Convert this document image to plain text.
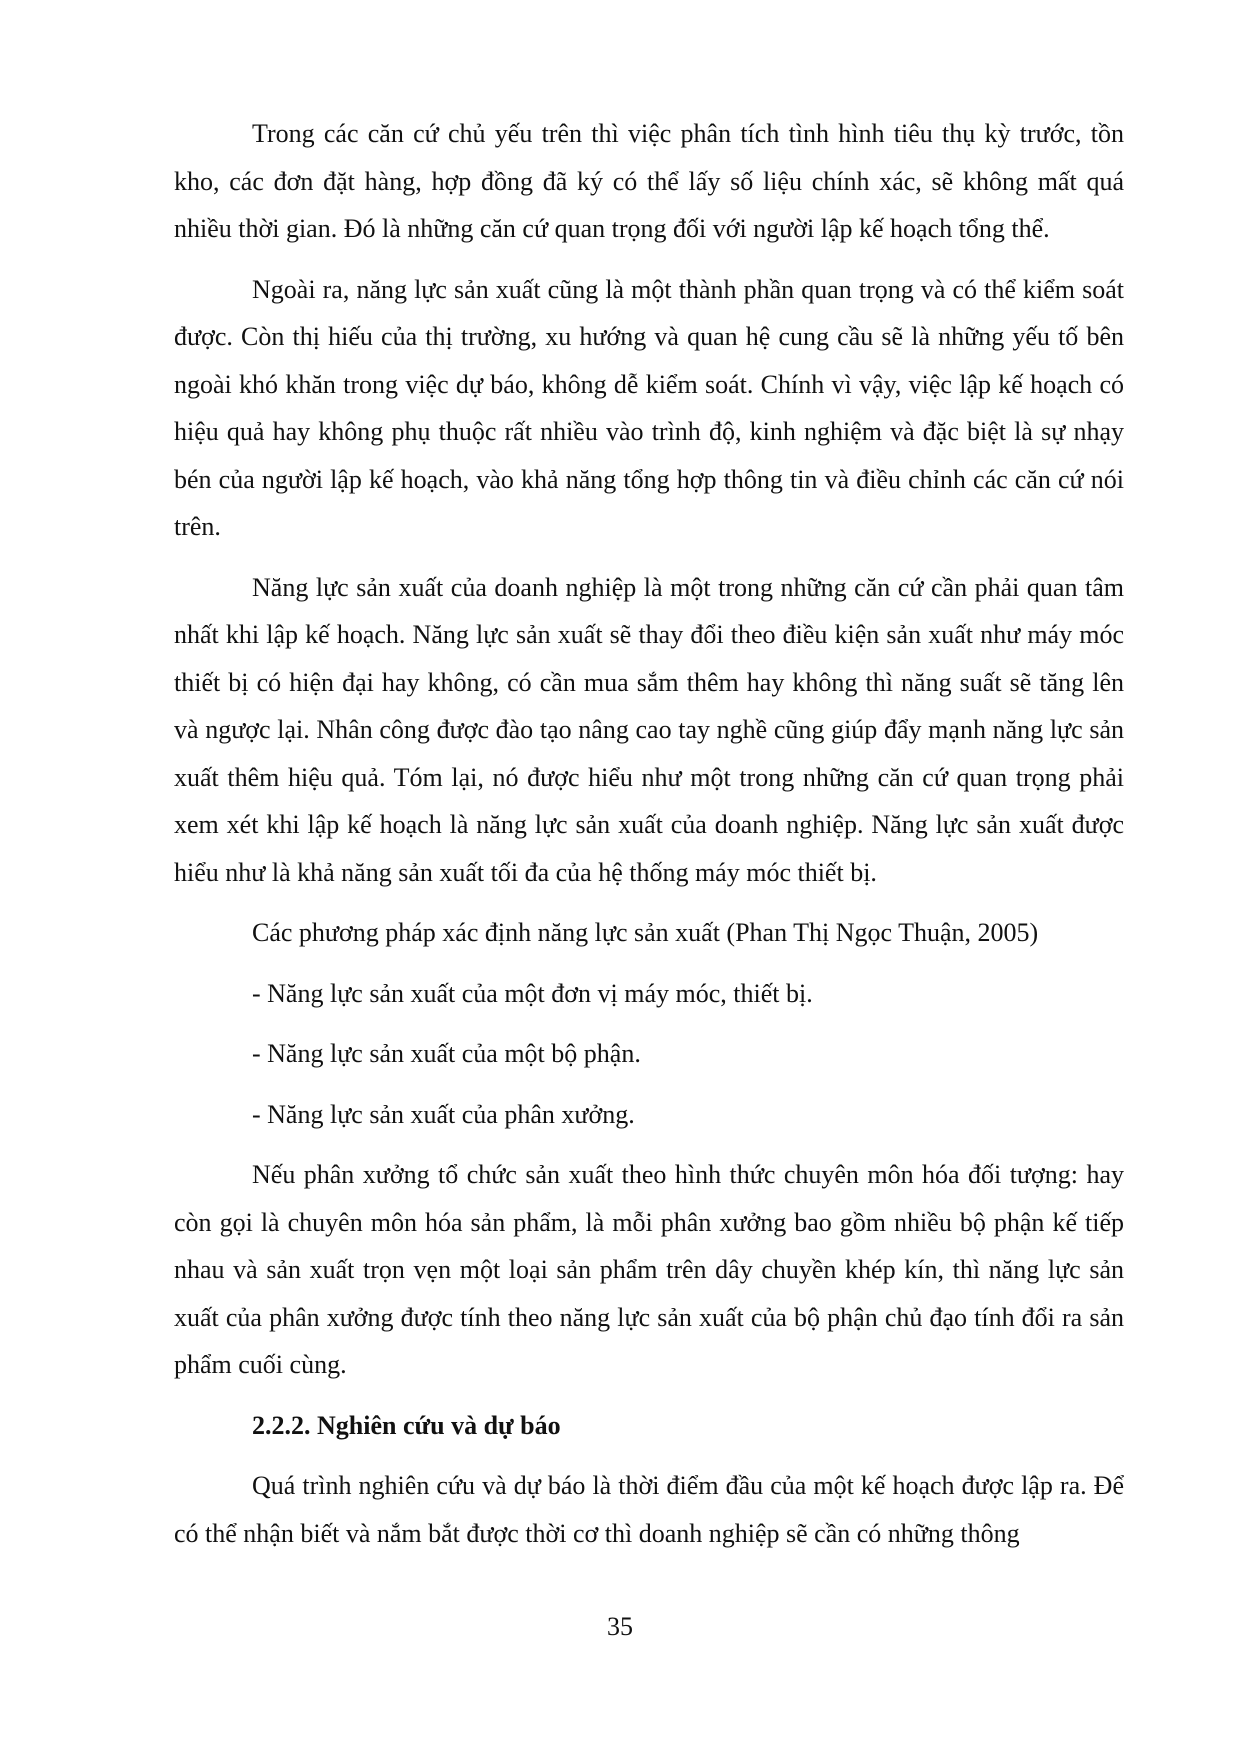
Trong các căn cứ chủ yếu trên thì việc phân tích tình hình tiêu thụ kỳ trước, tồn kho, các đơn đặt hàng, hợp đồng đã ký có thể lấy số liệu chính xác, sẽ không mất quá nhiều thời gian. Đó là những căn cứ quan trọng đối với người lập kế hoạch tổng thể.

Ngoài ra, năng lực sản xuất cũng là một thành phần quan trọng và có thể kiểm soát được. Còn thị hiếu của thị trường, xu hướng và quan hệ cung cầu sẽ là những yếu tố bên ngoài khó khăn trong việc dự báo, không dễ kiểm soát. Chính vì vậy, việc lập kế hoạch có hiệu quả hay không phụ thuộc rất nhiều vào trình độ, kinh nghiệm và đặc biệt là sự nhạy bén của người lập kế hoạch, vào khả năng tổng hợp thông tin và điều chỉnh các căn cứ nói trên.

Năng lực sản xuất của doanh nghiệp là một trong những căn cứ cần phải quan tâm nhất khi lập kế hoạch. Năng lực sản xuất sẽ thay đổi theo điều kiện sản xuất như máy móc thiết bị có hiện đại hay không, có cần mua sắm thêm hay không thì năng suất sẽ tăng lên và ngược lại. Nhân công được đào tạo nâng cao tay nghề cũng giúp đẩy mạnh năng lực sản xuất thêm hiệu quả. Tóm lại, nó được hiểu như một trong những căn cứ quan trọng phải xem xét khi lập kế hoạch là năng lực sản xuất của doanh nghiệp. Năng lực sản xuất được hiểu như là khả năng sản xuất tối đa của hệ thống máy móc thiết bị.

Các phương pháp xác định năng lực sản xuất (Phan Thị Ngọc Thuận, 2005)

- Năng lực sản xuất của một đơn vị máy móc, thiết bị.

- Năng lực sản xuất của một bộ phận.

- Năng lực sản xuất của phân xưởng.

Nếu phân xưởng tổ chức sản xuất theo hình thức chuyên môn hóa đối tượng: hay còn gọi là chuyên môn hóa sản phẩm, là mỗi phân xưởng bao gồm nhiều bộ phận kế tiếp nhau và sản xuất trọn vẹn một loại sản phẩm trên dây chuyền khép kín, thì năng lực sản xuất của phân xưởng được tính theo năng lực sản xuất của bộ phận chủ đạo tính đổi ra sản phẩm cuối cùng.

2.2.2. Nghiên cứu và dự báo

Quá trình nghiên cứu và dự báo là thời điểm đầu của một kế hoạch được lập ra. Để có thể nhận biết và nắm bắt được thời cơ thì doanh nghiệp sẽ cần có những thông

35
